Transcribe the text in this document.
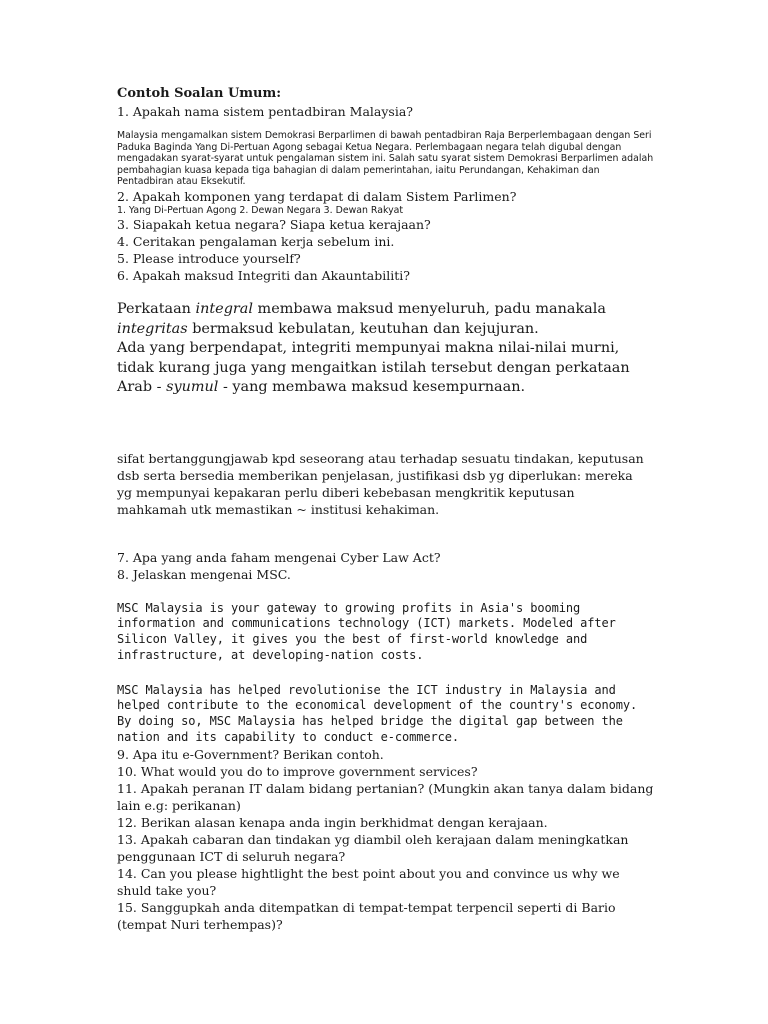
Contoh Soalan Umum:

1. Apakah nama sistem pentadbiran Malaysia?

Malaysia mengamalkan sistem Demokrasi Berparlimen di bawah pentadbiran Raja Berperlembagaan dengan Seri Paduka Baginda Yang Di-Pertuan Agong sebagai Ketua Negara. Perlembagaan negara telah digubal dengan mengadakan syarat-syarat untuk pengalaman sistem ini. Salah satu syarat sistem Demokrasi Berparlimen adalah pembahagian kuasa kepada tiga bahagian di dalam pemerintahan, iaitu Perundangan, Kehakiman dan Pentadbiran atau Eksekutif.

2. Apakah komponen yang terdapat di dalam Sistem Parlimen?

1. Yang Di-Pertuan Agong 2. Dewan Negara 3. Dewan Rakyat

3. Siapakah ketua negara? Siapa ketua kerajaan?

4. Ceritakan pengalaman kerja sebelum ini.

5. Please introduce yourself?

6. Apakah maksud Integriti dan Akauntabiliti?

Perkataan integral membawa maksud menyeluruh, padu manakala integritas bermaksud kebulatan, keutuhan dan kejujuran.

Ada yang berpendapat, integriti mempunyai makna nilai-nilai murni, tidak kurang juga yang mengaitkan istilah tersebut dengan perkataan Arab - syumul - yang membawa maksud kesempurnaan.

sifat bertanggungjawab kpd seseorang atau terhadap sesuatu tindakan, keputusan dsb serta bersedia memberikan penjelasan, justifikasi dsb yg diperlukan: mereka yg mempunyai kepakaran perlu diberi kebebasan mengkritik keputusan mahkamah utk memastikan ~ institusi kehakiman.

7. Apa yang anda faham mengenai Cyber Law Act?

8. Jelaskan mengenai MSC.

MSC Malaysia is your gateway to growing profits in Asia's booming information and communications technology (ICT) markets. Modeled after Silicon Valley, it gives you the best of first-world knowledge and infrastructure, at developing-nation costs.

MSC Malaysia has helped revolutionise the ICT industry in Malaysia and helped contribute to the economical development of the country's economy. By doing so, MSC Malaysia has helped bridge the digital gap between the nation and its capability to conduct e-commerce.

9. Apa itu e-Government? Berikan contoh.

10. What would you do to improve government services?

11. Apakah peranan IT dalam bidang pertanian? (Mungkin akan tanya dalam bidang lain e.g: perikanan)

12. Berikan alasan kenapa anda ingin berkhidmat dengan kerajaan.

13. Apakah cabaran dan tindakan yg diambil oleh kerajaan dalam meningkatkan penggunaan ICT di seluruh negara?

14. Can you please hightlight the best point about you and convince us why we shuld take you?

15. Sanggupkah anda ditempatkan di tempat-tempat terpencil seperti di Bario (tempat Nuri terhempas)?
